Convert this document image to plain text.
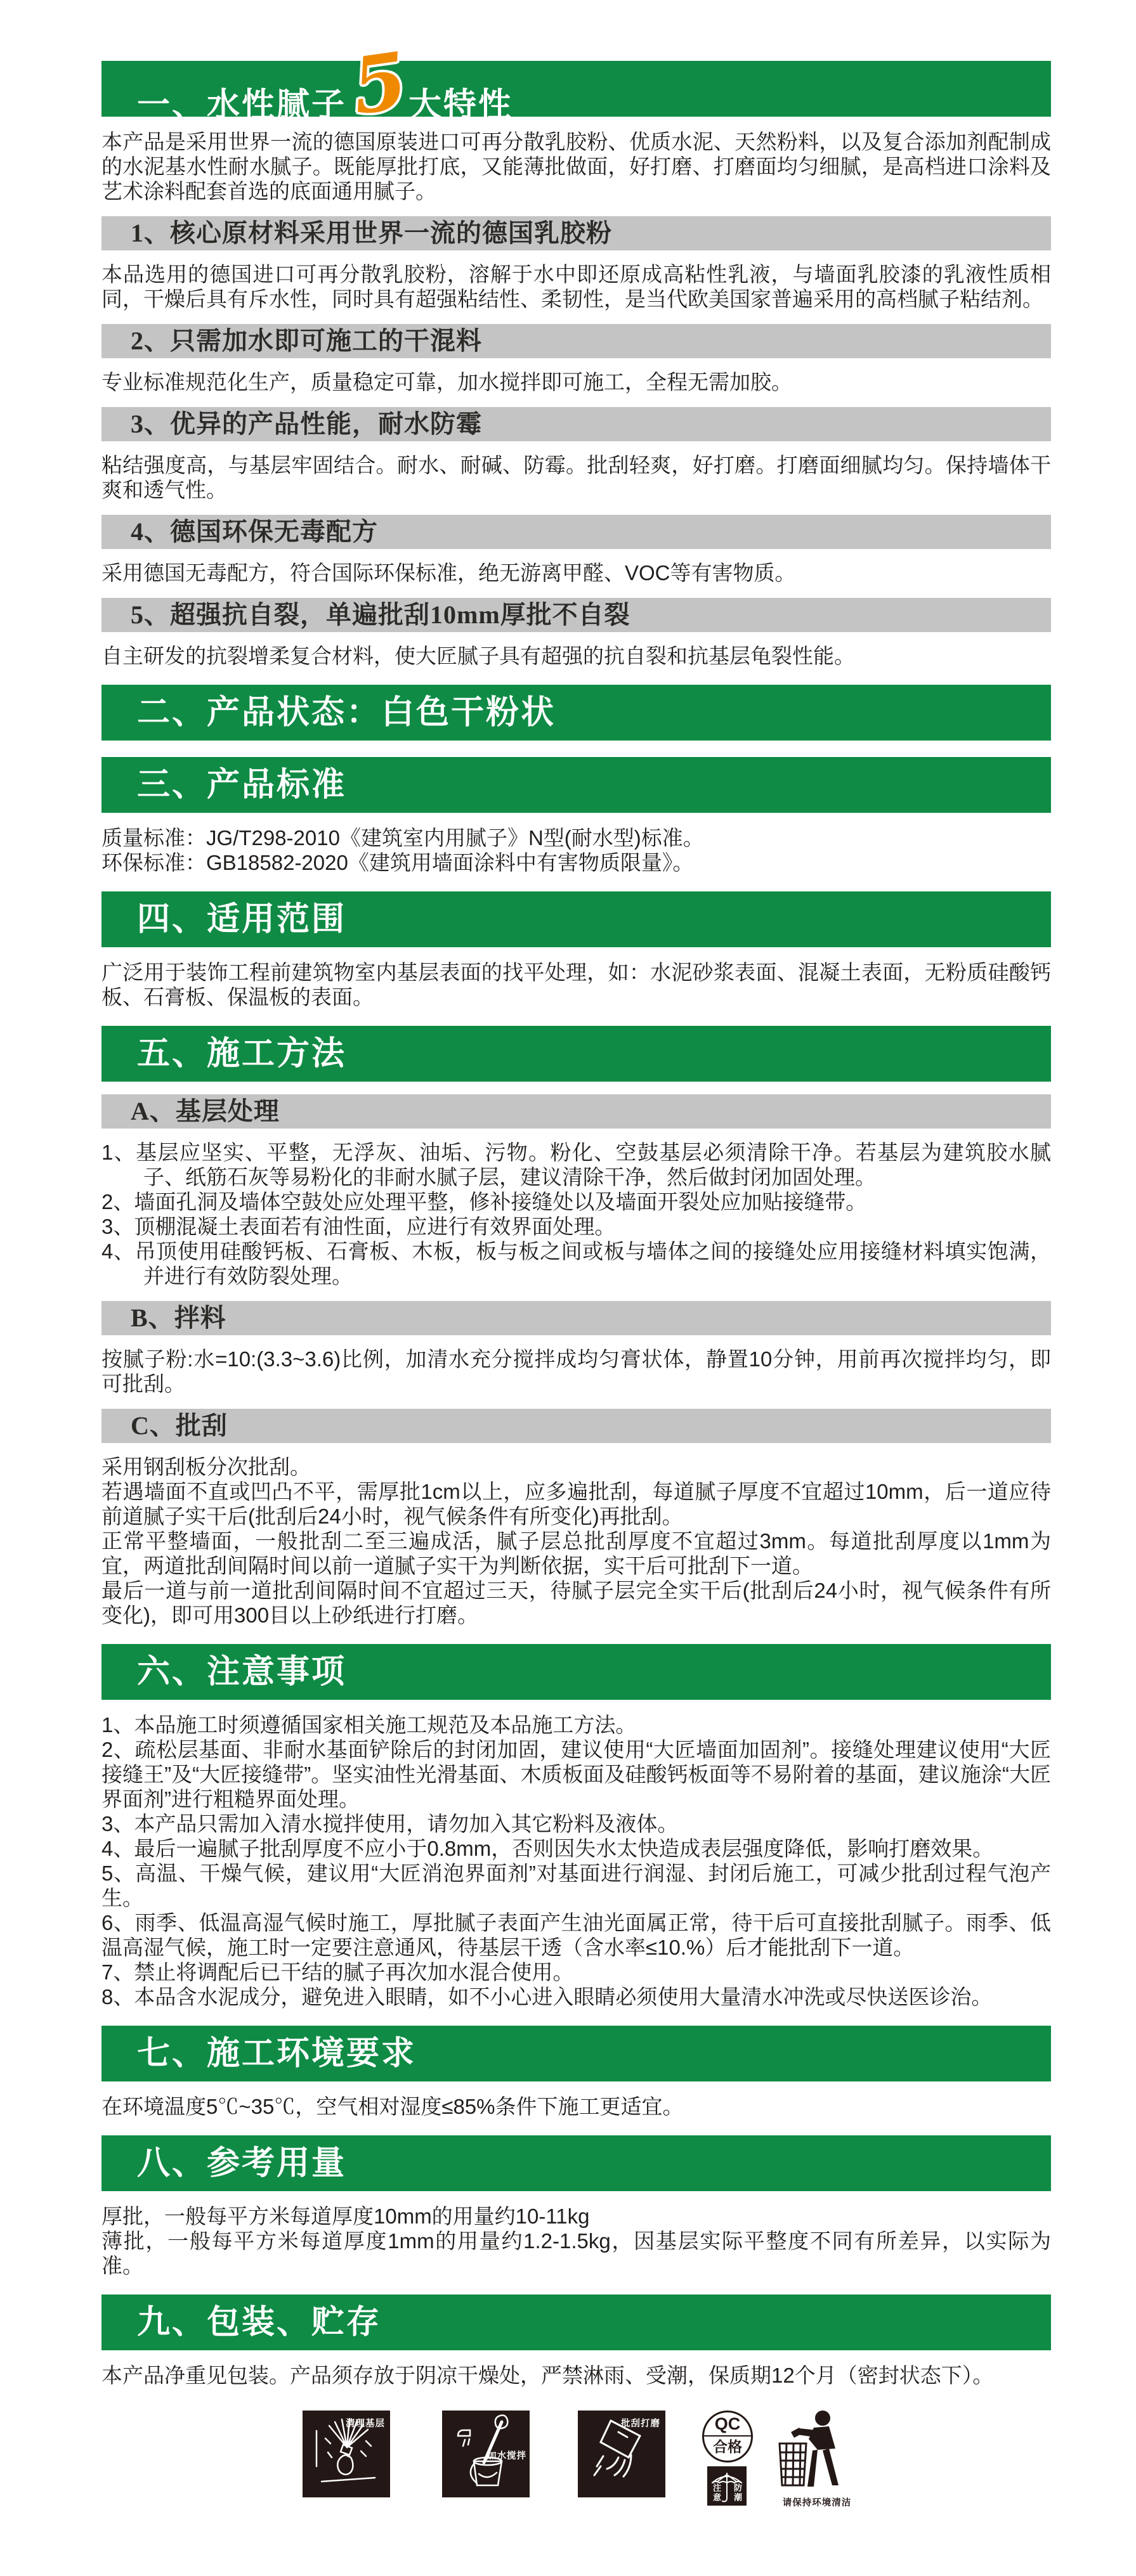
一、水性腻子5大特性
本产品是采用世界一流的德国原装进口可再分散乳胶粉、优质水泥、天然粉料，以及复合添加剂配制成的水泥基水性耐水腻子。既能厚批打底，又能薄批做面，好打磨、打磨面均匀细腻，是高档进口涂料及艺术涂料配套首选的底面通用腻子。
1、核心原材料采用世界一流的德国乳胶粉
本品选用的德国进口可再分散乳胶粉，溶解于水中即还原成高粘性乳液，与墙面乳胶漆的乳液性质相同，干燥后具有斥水性，同时具有超强粘结性、柔韧性，是当代欧美国家普遍采用的高档腻子粘结剂。
2、只需加水即可施工的干混料
专业标准规范化生产，质量稳定可靠，加水搅拌即可施工，全程无需加胶。
3、优异的产品性能，耐水防霉
粘结强度高，与基层牢固结合。耐水、耐碱、防霉。批刮轻爽，好打磨。打磨面细腻均匀。保持墙体干爽和透气性。
4、德国环保无毒配方
采用德国无毒配方，符合国际环保标准，绝无游离甲醛、VOC等有害物质。
5、超强抗自裂，单遍批刮10mm厚批不自裂
自主研发的抗裂增柔复合材料，使大匠腻子具有超强的抗自裂和抗基层龟裂性能。
二、产品状态：白色干粉状
三、产品标准
质量标准：JG/T298-2010《建筑室内用腻子》N型(耐水型)标准。
环保标准：GB18582-2020《建筑用墙面涂料中有害物质限量》。
四、适用范围
广泛用于装饰工程前建筑物室内基层表面的找平处理，如：水泥砂浆表面、混凝土表面，无粉质硅酸钙板、石膏板、保温板的表面。
五、施工方法
A、基层处理

1、基层应坚实、平整，无浮灰、油垢、污物。粉化、空鼓基层必须清除干净。若基层为建筑胶水腻子、纸筋石灰等易粉化的非耐水腻子层，建议清除干净，然后做封闭加固处理。

2、墙面孔洞及墙体空鼓处应处理平整，修补接缝处以及墙面开裂处应加贴接缝带。

3、顶棚混凝土表面若有油性面，应进行有效界面处理。

4、吊顶使用硅酸钙板、石膏板、木板，板与板之间或板与墙体之间的接缝处应用接缝材料填实饱满，并进行有效防裂处理。

B、拌料
按腻子粉:水=10:(3.3~3.6)比例，加清水充分搅拌成均匀膏状体，静置10分钟，用前再次搅拌均匀，即可批刮。
C、批刮

采用钢刮板分次批刮。

若遇墙面不直或凹凸不平，需厚批1cm以上，应多遍批刮，每道腻子厚度不宜超过10mm，后一道应待前道腻子实干后(批刮后24小时，视气候条件有所变化)再批刮。

正常平整墙面，一般批刮二至三遍成活，腻子层总批刮厚度不宜超过3mm。每道批刮厚度以1mm为宜，两道批刮间隔时间以前一道腻子实干为判断依据，实干后可批刮下一道。

最后一道与前一道批刮间隔时间不宜超过三天，待腻子层完全实干后(批刮后24小时，视气候条件有所变化)，即可用300目以上砂纸进行打磨。

六、注意事项

1、本品施工时须遵循国家相关施工规范及本品施工方法。

2、疏松层基面、非耐水基面铲除后的封闭加固，建议使用“大匠墙面加固剂”。接缝处理建议使用“大匠接缝王”及“大匠接缝带”。坚实油性光滑基面、木质板面及硅酸钙板面等不易附着的基面，建议施涂“大匠界面剂”进行粗糙界面处理。

3、本产品只需加入清水搅拌使用，请勿加入其它粉料及液体。

4、最后一遍腻子批刮厚度不应小于0.8mm，否则因失水太快造成表层强度降低，影响打磨效果。

5、高温、干燥气候，建议用“大匠消泡界面剂”对基面进行润湿、封闭后施工，可减少批刮过程气泡产生。

6、雨季、低温高湿气候时施工，厚批腻子表面产生油光面属正常，待干后可直接批刮腻子。雨季、低温高湿气候，施工时一定要注意通风，待基层干透（含水率≤10.%）后才能批刮下一道。

7、禁止将调配后已干结的腻子再次加水混合使用。

8、本品含水泥成分，避免进入眼睛，如不小心进入眼睛必须使用大量清水冲洗或尽快送医诊治。

七、施工环境要求
在环境温度5℃~35℃，空气相对湿度≤85%条件下施工更适宜。
八、参考用量
厚批，一般每平方米每道厚度10mm的用量约10-11kg
薄批，一般每平方米每道厚度1mm的用量约1.2-1.5kg，因基层实际平整度不同有所差异，以实际为准。
九、包装、贮存
本产品净重见包装。产品须存放于阴凉干燥处，严禁淋雨、受潮，保质期12个月（密封状态下）。
清理基层
加水搅拌
批刮打磨	QC
合格
注意 防潮
请保持环境清洁
